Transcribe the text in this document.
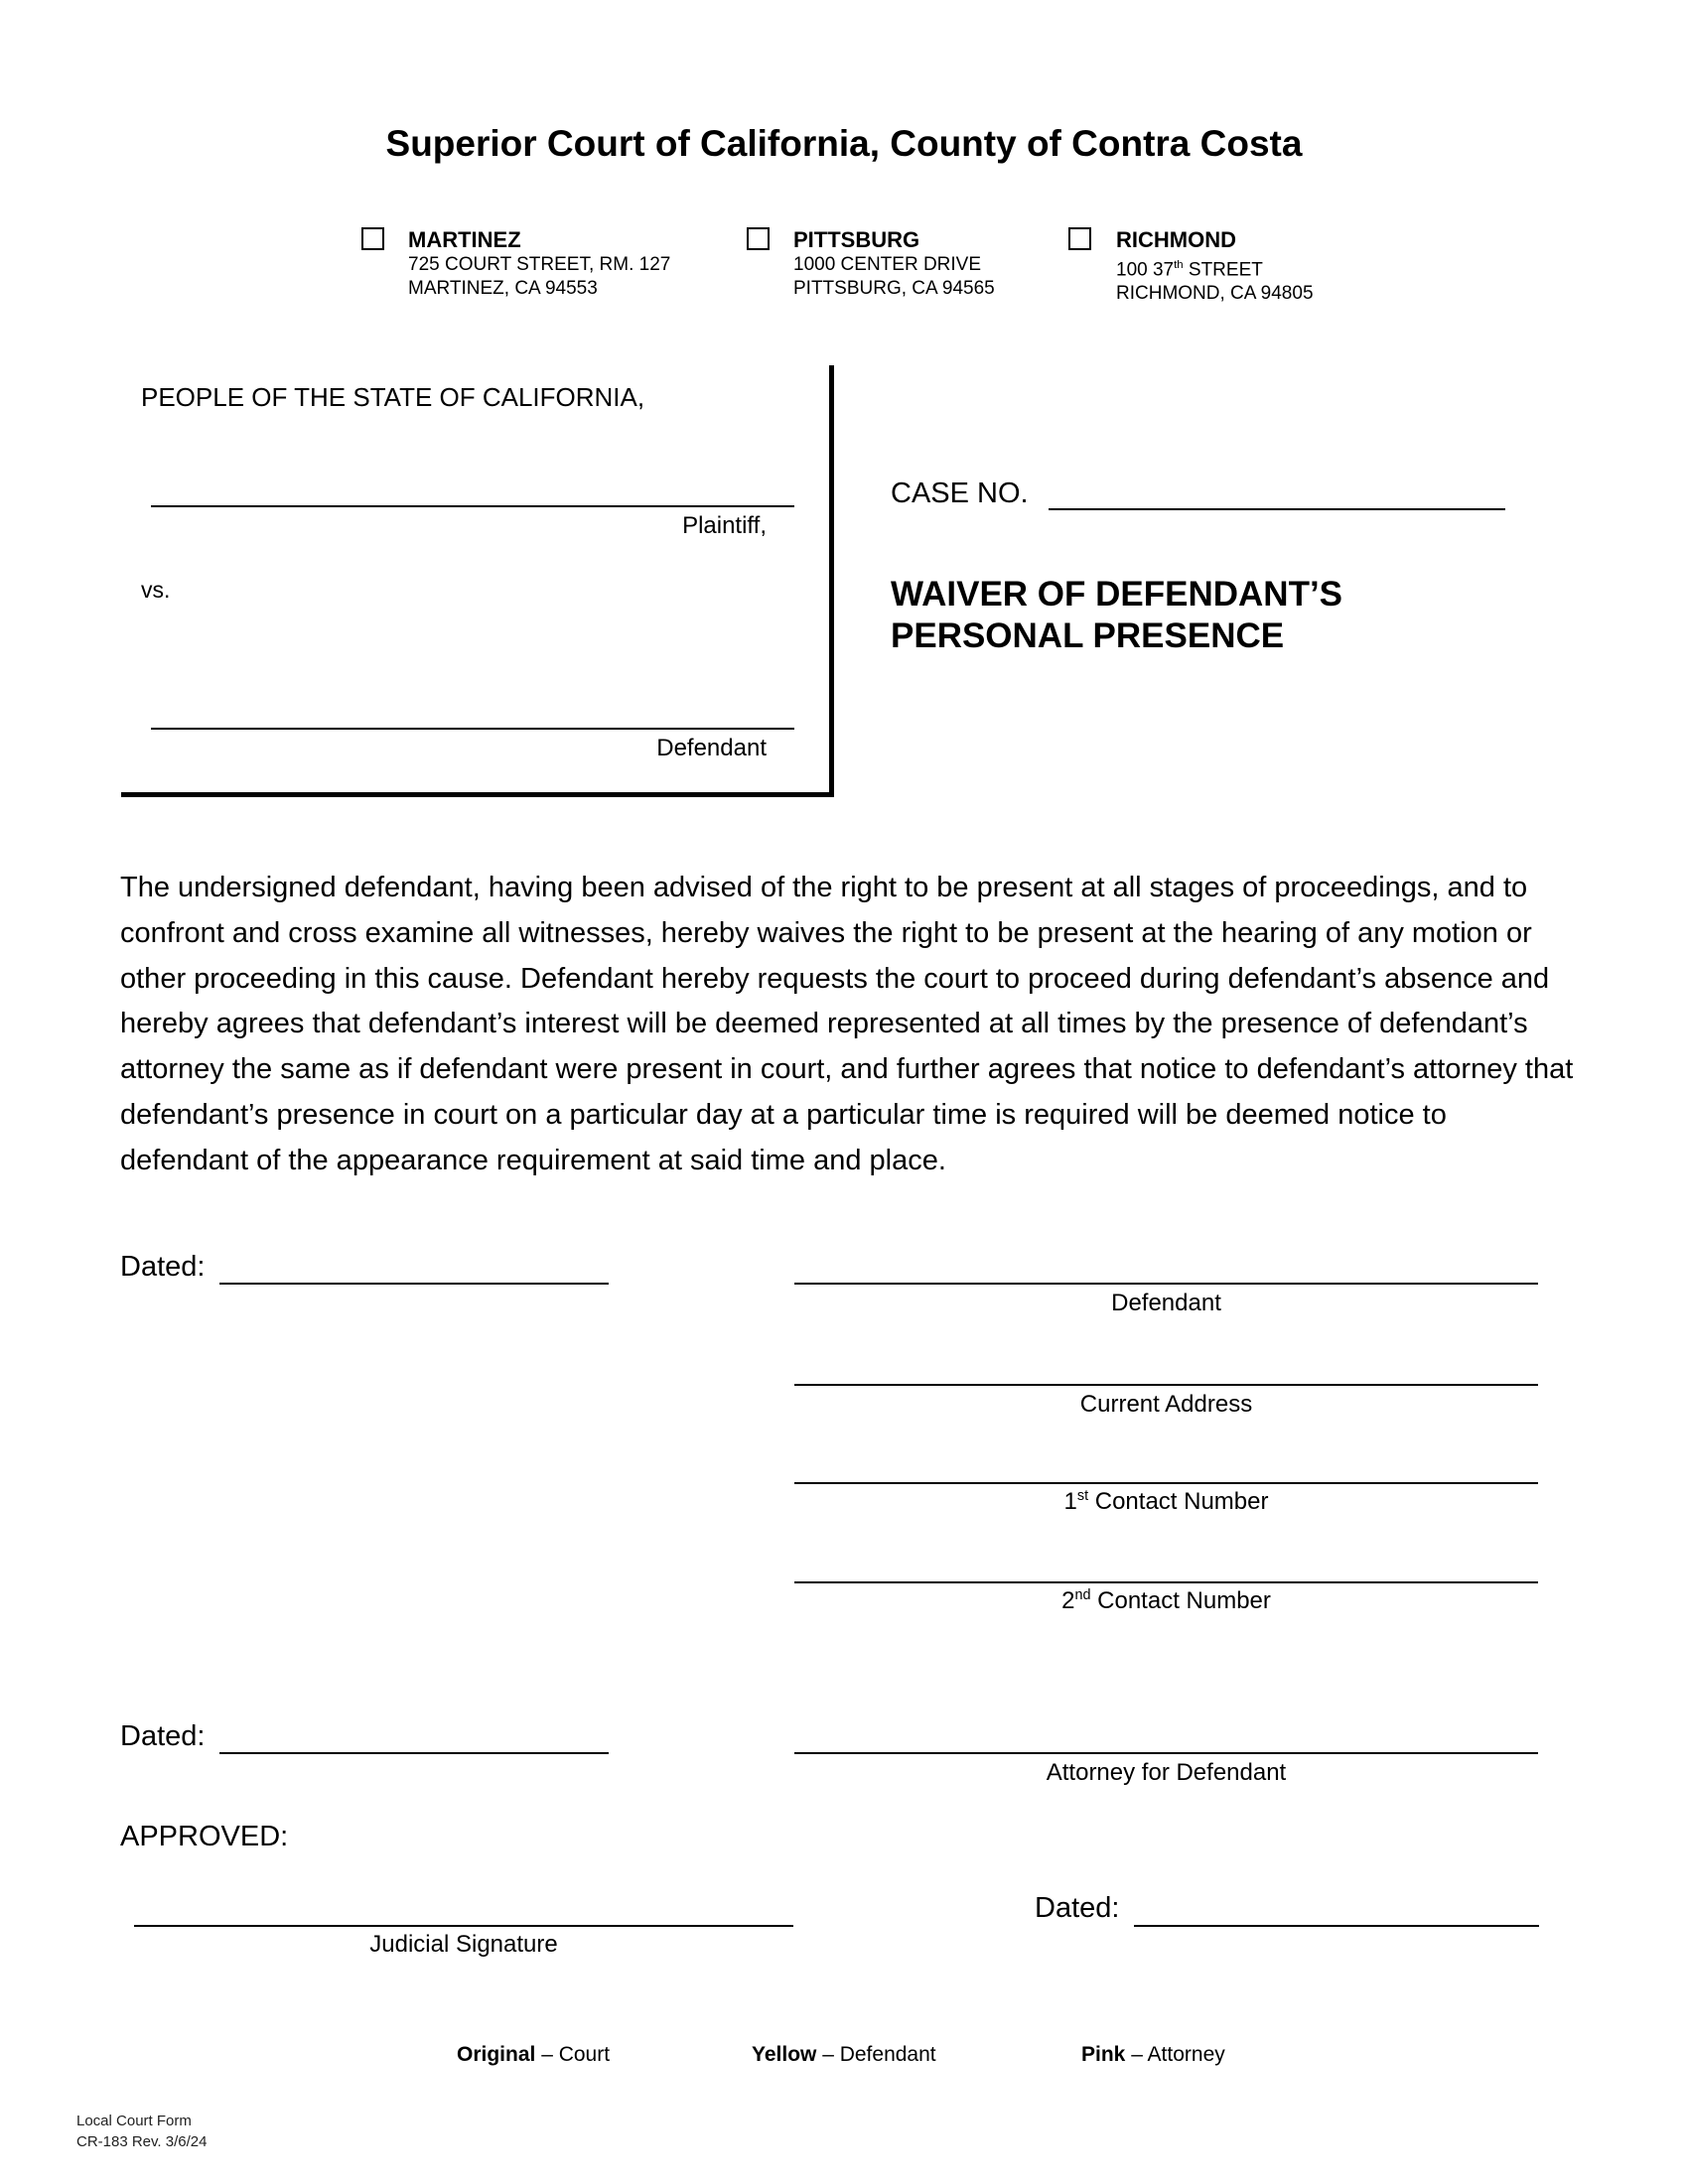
Superior Court of California, County of Contra Costa
MARTINEZ
725 COURT STREET, RM. 127
MARTINEZ, CA 94553
PITTSBURG
1000 CENTER DRIVE
PITTSBURG, CA 94565
RICHMOND
100 37th STREET
RICHMOND, CA 94805
PEOPLE OF THE STATE OF CALIFORNIA,
Plaintiff,
vs.
Defendant
CASE NO.
WAIVER OF DEFENDANT’S
PERSONAL PRESENCE
The undersigned defendant, having been advised of the right to be present at all stages of proceedings, and to confront and cross examine all witnesses, hereby waives the right to be present at the hearing of any motion or other proceeding in this cause. Defendant hereby requests the court to proceed during defendant’s absence and hereby agrees that defendant’s interest will be deemed represented at all times by the presence of defendant’s attorney the same as if defendant were present in court, and further agrees that notice to defendant’s attorney that defendant’s presence in court on a particular day at a particular time is required will be deemed notice to defendant of the appearance requirement at said time and place.
Dated:
Defendant
Current Address
1st Contact Number
2nd Contact Number
Dated:
Attorney for Defendant
APPROVED:
Judicial Signature
Dated:
Original – Court	Yellow – Defendant	Pink – Attorney
Local Court Form
CR-183 Rev. 3/6/24
